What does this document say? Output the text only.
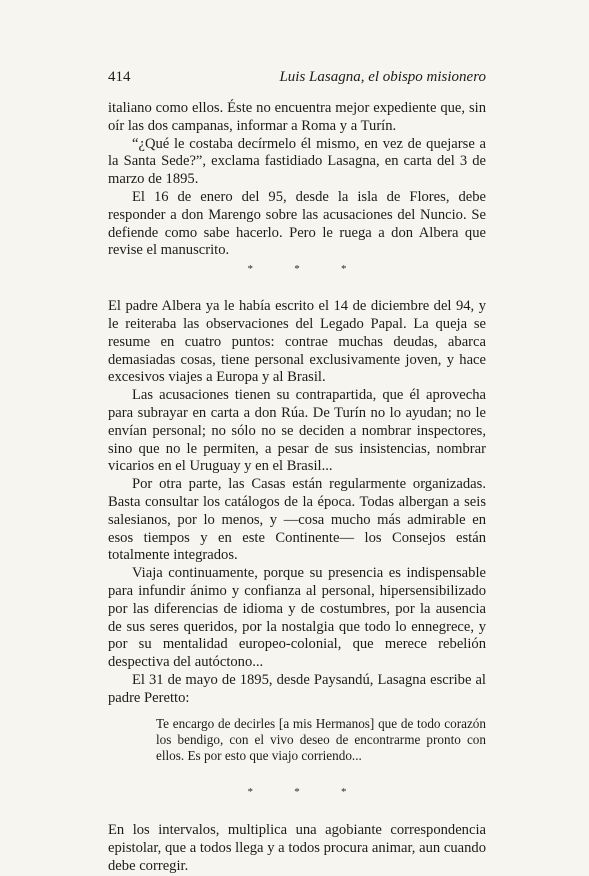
414	Luis Lasagna, el obispo misionero

italiano como ellos. Éste no encuentra mejor expediente que, sin oír las dos campanas, informar a Roma y a Turín.

“¿Qué le costaba decírmelo él mismo, en vez de quejarse a la Santa Sede?”, exclama fastidiado Lasagna, en carta del 3 de marzo de 1895.

El 16 de enero del 95, desde la isla de Flores, debe responder a don Marengo sobre las acusaciones del Nuncio. Se defiende como sabe hacerlo. Pero le ruega a don Albera que revise el manuscrito.

*	*	*

El padre Albera ya le había escrito el 14 de diciembre del 94, y le reiteraba las observaciones del Legado Papal. La queja se resume en cuatro puntos: contrae muchas deudas, abarca demasiadas cosas, tiene personal exclusivamente joven, y hace excesivos viajes a Europa y al Brasil.

Las acusaciones tienen su contrapartida, que él aprovecha para subrayar en carta a don Rúa. De Turín no lo ayudan; no le envían personal; no sólo no se deciden a nombrar inspectores, sino que no le permiten, a pesar de sus insistencias, nombrar vicarios en el Uruguay y en el Brasil...

Por otra parte, las Casas están regularmente organizadas. Basta consultar los catálogos de la época. Todas albergan a seis salesianos, por lo menos, y —cosa mucho más admirable en esos tiempos y en este Continente— los Consejos están totalmente integrados.

Viaja continuamente, porque su presencia es indispensable para infundir ánimo y confianza al personal, hipersensibilizado por las diferencias de idioma y de costumbres, por la ausencia de sus seres queridos, por la nostalgia que todo lo ennegrece, y por su mentalidad europeo-colonial, que merece rebelión despectiva del autóctono...

El 31 de mayo de 1895, desde Paysandú, Lasagna escribe al padre Peretto:

Te encargo de decirles [a mis Hermanos] que de todo corazón los bendigo, con el vivo deseo de encontrarme pronto con ellos. Es por esto que viajo corriendo...

*	*	*

En los intervalos, multiplica una agobiante correspondencia epistolar, que a todos llega y a todos procura animar, aun cuando debe corregir.
